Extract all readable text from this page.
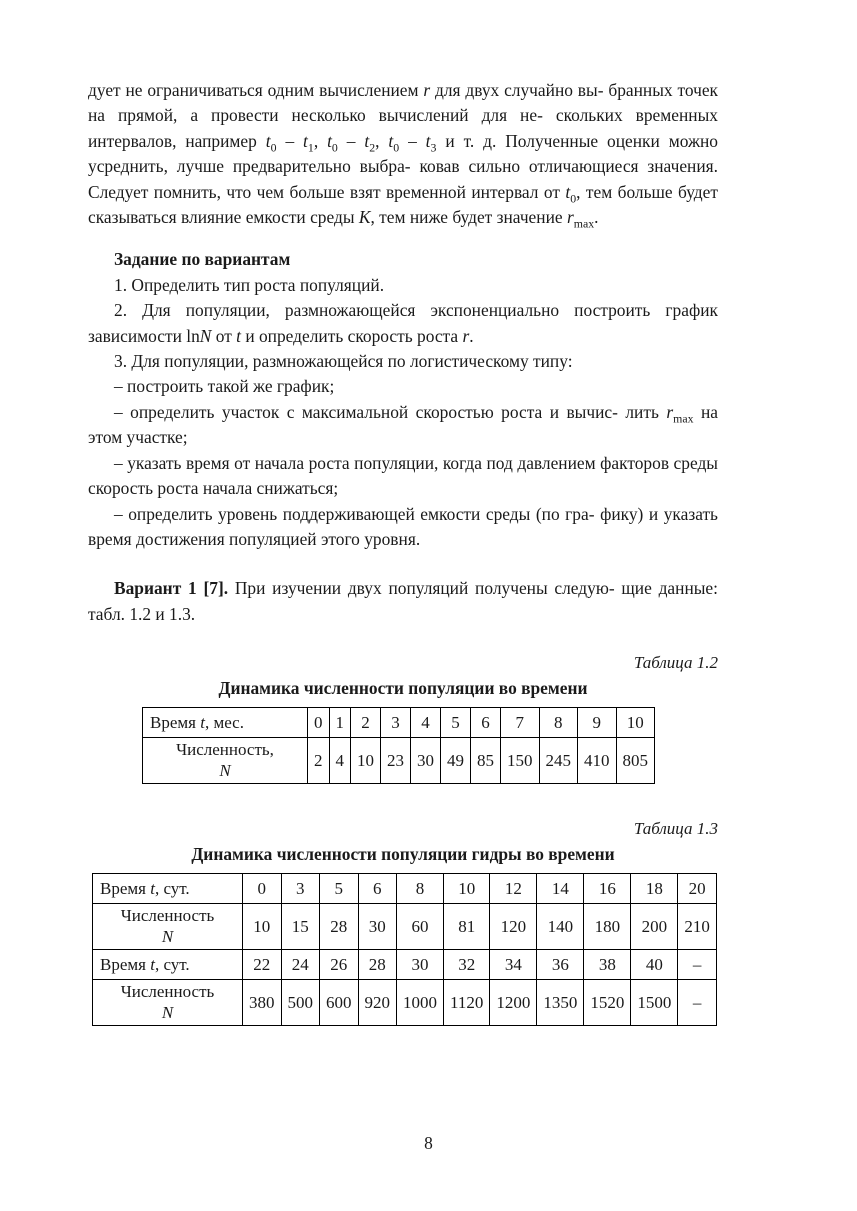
дует не ограничиваться одним вычислением r для двух случайно вы- бранных точек на прямой, а провести несколько вычислений для не- скольких временных интервалов, например $t_0 - t_1$, $t_0 - t_2$, $t_0 - t_3$ и т. д. Полученные оценки можно усреднить, лучше предварительно выбра- ковав сильно отличающиеся значения. Следует помнить, что чем больше взят временной интервал от $t_0$, тем больше будет сказываться влияние емкости среды K, тем ниже будет значение $r_{max}$.

Задание по вариантам

1. Определить тип роста популяций.

2. Для популяции, размножающейся экспоненциально построить график зависимости lnN от t и определить скорость роста r.

3. Для популяции, размножающейся по логистическому типу:

– построить такой же график;

– определить участок с максимальной скоростью роста и вычис- лить $r_{max}$ на этом участке;

– указать время от начала роста популяции, когда под давлением факторов среды скорость роста начала снижаться;

– определить уровень поддерживающей емкости среды (по гра- фику) и указать время достижения популяцией этого уровня.

Вариант 1 [7]. При изучении двух популяций получены следую- щие данные: табл. 1.2 и 1.3.

Таблица 1.2

Динамика численности популяции во времени

Время t, мес.	0	1	2	3	4	5	6	7	8	9	10
Численность,
N	2	4	10	23	30	49	85	150	245	410	805

Таблица 1.3

Динамика численности популяции гидры во времени

Время t, сут.	0	3	5	6	8	10	12	14	16	18	20
Численность
N	10	15	28	30	60	81	120	140	180	200	210
Время t, сут.	22	24	26	28	30	32	34	36	38	40	–
Численность
N	380	500	600	920	1000	1120	1200	1350	1520	1500	–
8
